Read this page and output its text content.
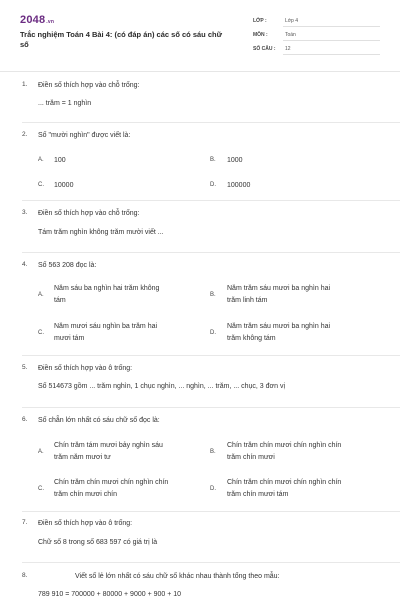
2048.vn
Trắc nghiệm Toán 4 Bài 4: (có đáp án) các số có sáu chữ số
LỚP :	Lớp 4
MÔN :	Toán
SỐ CÂU : 12
1. Điền số thích hợp vào chỗ trống:
... trăm = 1 nghìn
2. Số "mười nghìn" được viết là:
A. 100	B. 1000
C. 10000	D. 100000
3. Điền số thích hợp vào chỗ trống:
Tám trăm nghìn không trăm mười viết ...
4. Số 563 208 đọc là:
A.
Năm sáu ba nghìn hai trăm không
tám
B.
Năm trăm sáu mươi ba nghìn hai
trăm linh tám
C.
Năm mươi sáu nghìn ba trăm hai
mươi tám
D.
Năm trăm sáu mươi ba nghìn hai
trăm không tám
5. Điền số thích hợp vào ô trống:
Số 514673 gồm ... trăm nghìn, 1 chục nghìn, ... nghìn, ... trăm, ... chục, 3 đơn vị
6. Số chẵn lớn nhất có sáu chữ số đọc là:
A.
Chín trăm tám mươi bảy nghìn sáu
trăm năm mươi tư
B.
Chín trăm chín mươi chín nghìn chín
trăm chín mươi
C.
Chín trăm chín mươi chín nghìn chín
trăm chín mươi chín
D.
Chín trăm chín mươi chín nghìn chín
trăm chín mươi tám
7. Điền số thích hợp vào ô trống:
Chữ số 8 trong số 683 597 có giá trị là
8.	Viết số lẻ lớn nhất có sáu chữ số khác nhau thành tổng theo mẫu:
789 910 = 700000 + 80000 + 9000 + 900 + 10
